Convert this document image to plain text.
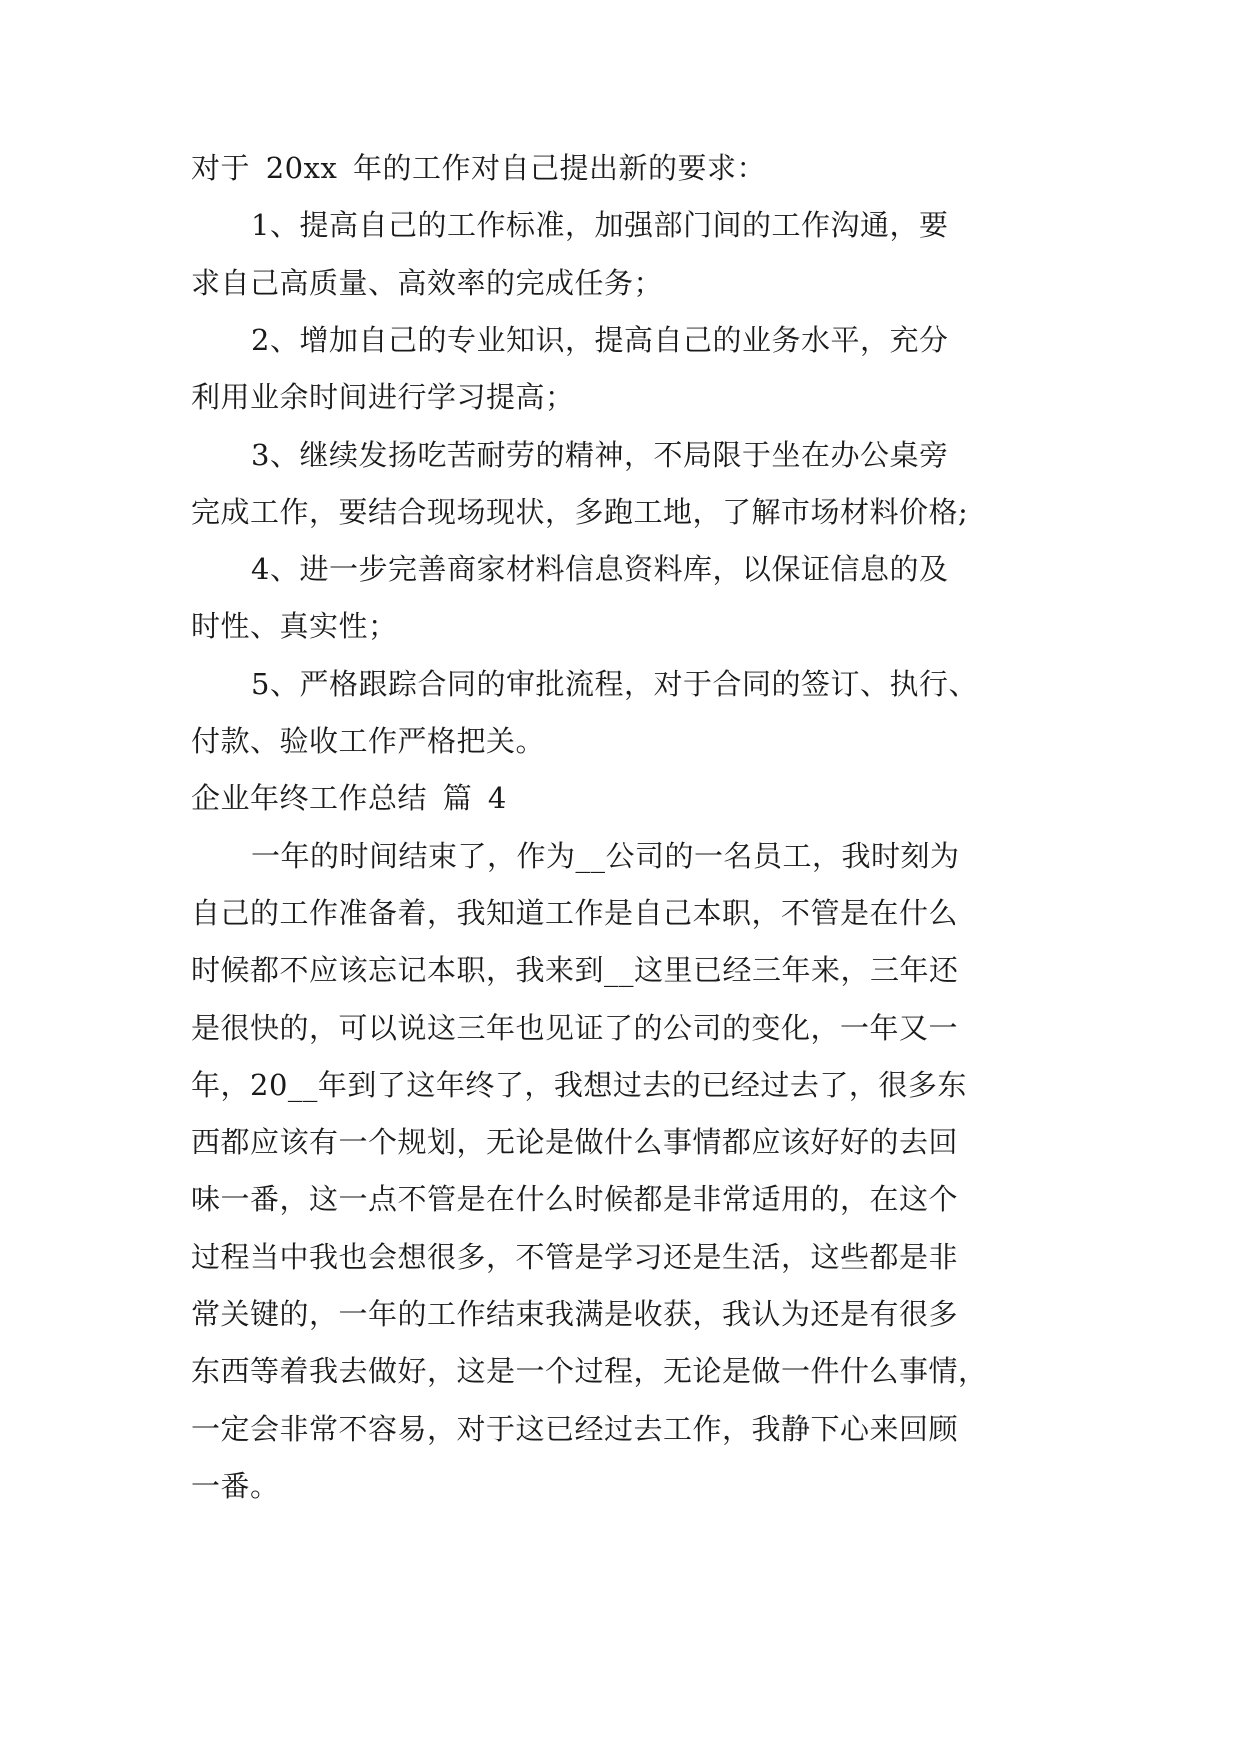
对于 20xx 年的工作对自己提出新的要求：
1、提高自己的工作标准，加强部门间的工作沟通，要
求自己高质量、高效率的完成任务；
2、增加自己的专业知识，提高自己的业务水平，充分
利用业余时间进行学习提高；
3、继续发扬吃苦耐劳的精神，不局限于坐在办公桌旁
完成工作，要结合现场现状，多跑工地，了解市场材料价格;
4、进一步完善商家材料信息资料库，以保证信息的及
时性、真实性；
5、严格跟踪合同的审批流程，对于合同的签订、执行、
付款、验收工作严格把关。
企业年终工作总结 篇 4
一年的时间结束了，作为__公司的一名员工，我时刻为
自己的工作准备着，我知道工作是自己本职，不管是在什么
时候都不应该忘记本职，我来到__这里已经三年来，三年还
是很快的，可以说这三年也见证了的公司的变化，一年又一
年，20__年到了这年终了，我想过去的已经过去了，很多东
西都应该有一个规划，无论是做什么事情都应该好好的去回
味一番，这一点不管是在什么时候都是非常适用的，在这个
过程当中我也会想很多，不管是学习还是生活，这些都是非
常关键的，一年的工作结束我满是收获，我认为还是有很多
东西等着我去做好，这是一个过程，无论是做一件什么事情，
一定会非常不容易，对于这已经过去工作，我静下心来回顾
一番。
